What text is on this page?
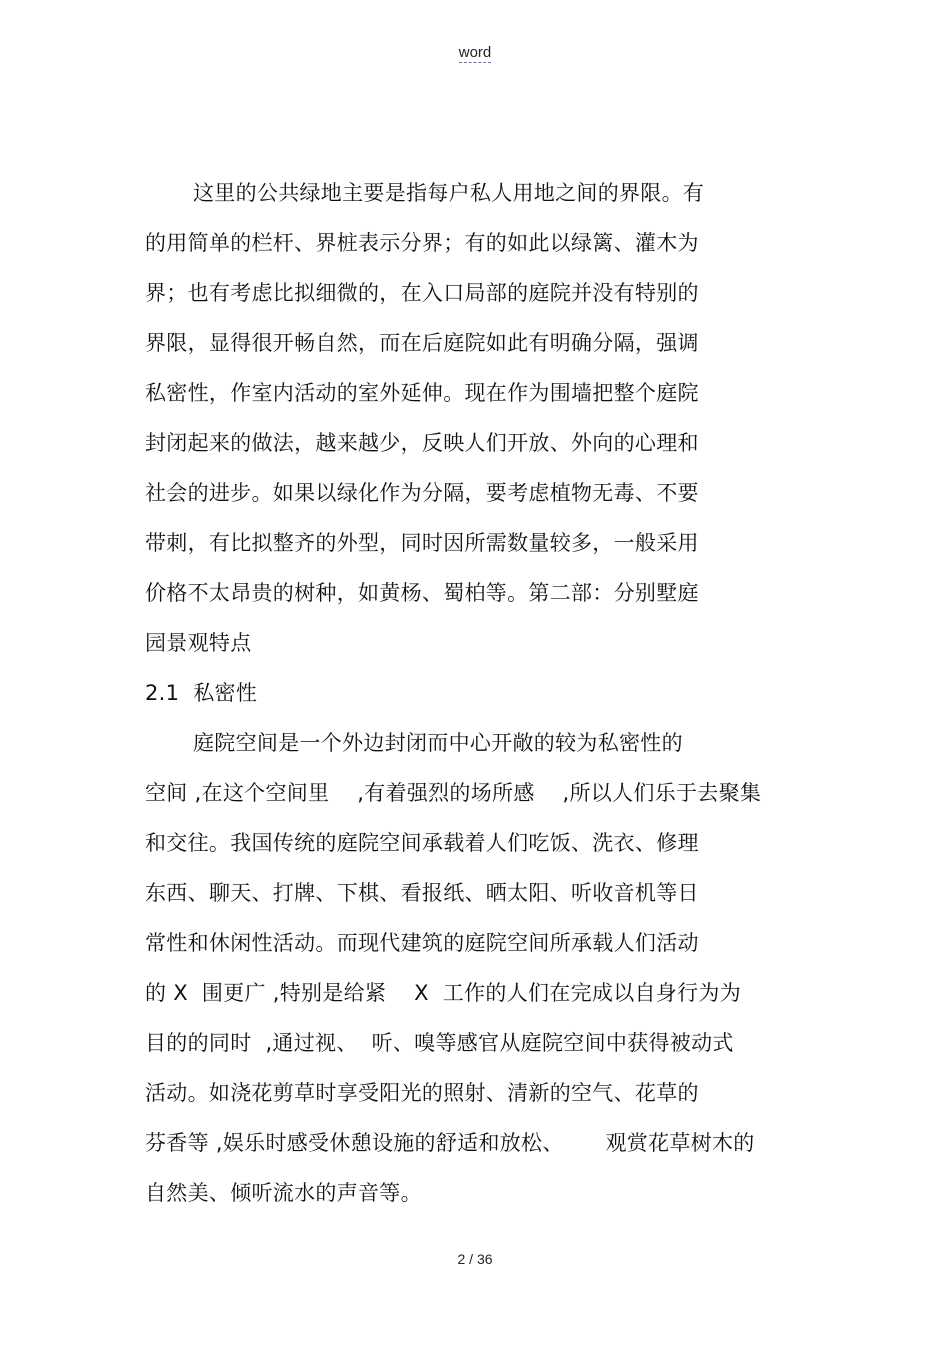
word
这里的公共绿地主要是指每户私人用地之间的界限。有
的用简单的栏杆、界桩表示分界；有的如此以绿篱、灌木为
界；也有考虑比拟细微的，在入口局部的庭院并没有特别的
界限，显得很开畅自然，而在后庭院如此有明确分隔，强调
私密性，作室内活动的室外延伸。现在作为围墙把整个庭院
封闭起来的做法，越来越少，反映人们开放、外向的心理和
社会的进步。如果以绿化作为分隔，要考虑植物无毒、不要
带刺，有比拟整齐的外型，同时因所需数量较多，一般采用
价格不太昂贵的树种，如黄杨、蜀柏等。第二部：分别墅庭
园景观特点
2.1  私密性
庭院空间是一个外边封闭而中心开敞的较为私密性的
空间 ,在这个空间里    ,有着强烈的场所感    ,所以人们乐于去聚集
和交往。我国传统的庭院空间承载着人们吃饭、洗衣、修理
东西、聊天、打牌、下棋、看报纸、晒太阳、听收音机等日
常性和休闲性活动。而现代建筑的庭院空间所承载人们活动
的 X  围更广 ,特别是给紧    X  工作的人们在完成以自身行为为
目的的同时  ,通过视、  听、嗅等感官从庭院空间中获得被动式
活动。如浇花剪草时享受阳光的照射、清新的空气、花草的
芬香等 ,娱乐时感受休憩设施的舒适和放松、      观赏花草树木的
自然美、倾听流水的声音等。
2 / 36
